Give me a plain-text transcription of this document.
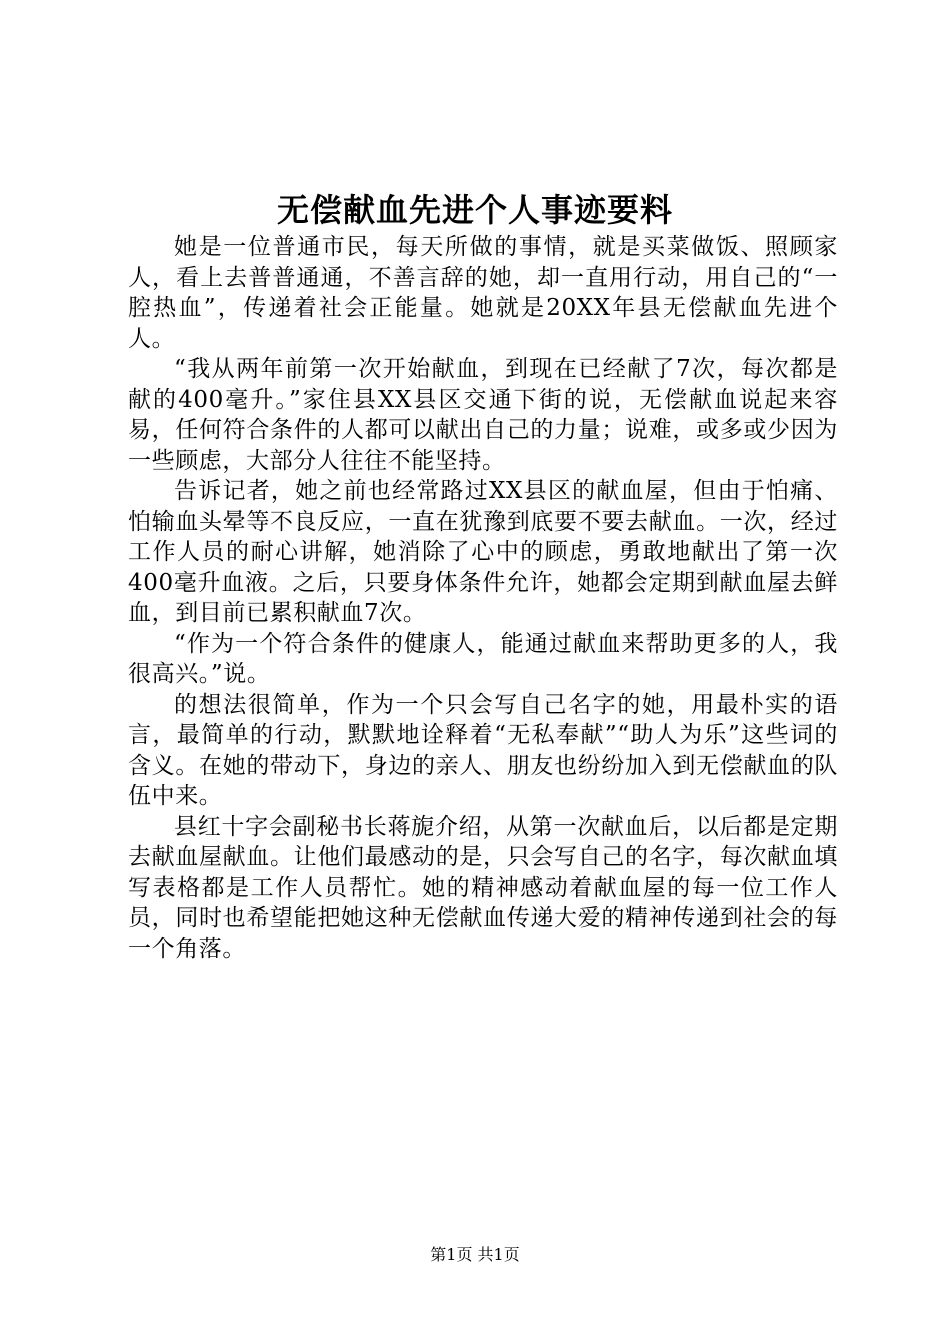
无偿献血先进个人事迹要料

她是一位普通市民，每天所做的事情，就是买菜做饭、照顾家人，看上去普普通通，不善言辞的她，却一直用行动，用自己的“一腔热血”，传递着社会正能量。她就是20XX年县无偿献血先进个人。

“我从两年前第一次开始献血，到现在已经献了7次，每次都是献的400毫升。”家住县XX县区交通下街的说，无偿献血说起来容易，任何符合条件的人都可以献出自己的力量；说难，或多或少因为一些顾虑，大部分人往往不能坚持。

告诉记者，她之前也经常路过XX县区的献血屋，但由于怕痛、怕输血头晕等不良反应，一直在犹豫到底要不要去献血。一次，经过工作人员的耐心讲解，她消除了心中的顾虑，勇敢地献出了第一次400毫升血液。之后，只要身体条件允许，她都会定期到献血屋去鲜血，到目前已累积献血7次。

“作为一个符合条件的健康人，能通过献血来帮助更多的人，我很高兴。”说。

的想法很简单，作为一个只会写自己名字的她，用最朴实的语言，最简单的行动，默默地诠释着“无私奉献”“助人为乐”这些词的含义。在她的带动下，身边的亲人、朋友也纷纷加入到无偿献血的队伍中来。

县红十字会副秘书长蒋旎介绍，从第一次献血后，以后都是定期去献血屋献血。让他们最感动的是，只会写自己的名字，每次献血填写表格都是工作人员帮忙。她的精神感动着献血屋的每一位工作人员，同时也希望能把她这种无偿献血传递大爱的精神传递到社会的每一个角落。

第1页 共1页
